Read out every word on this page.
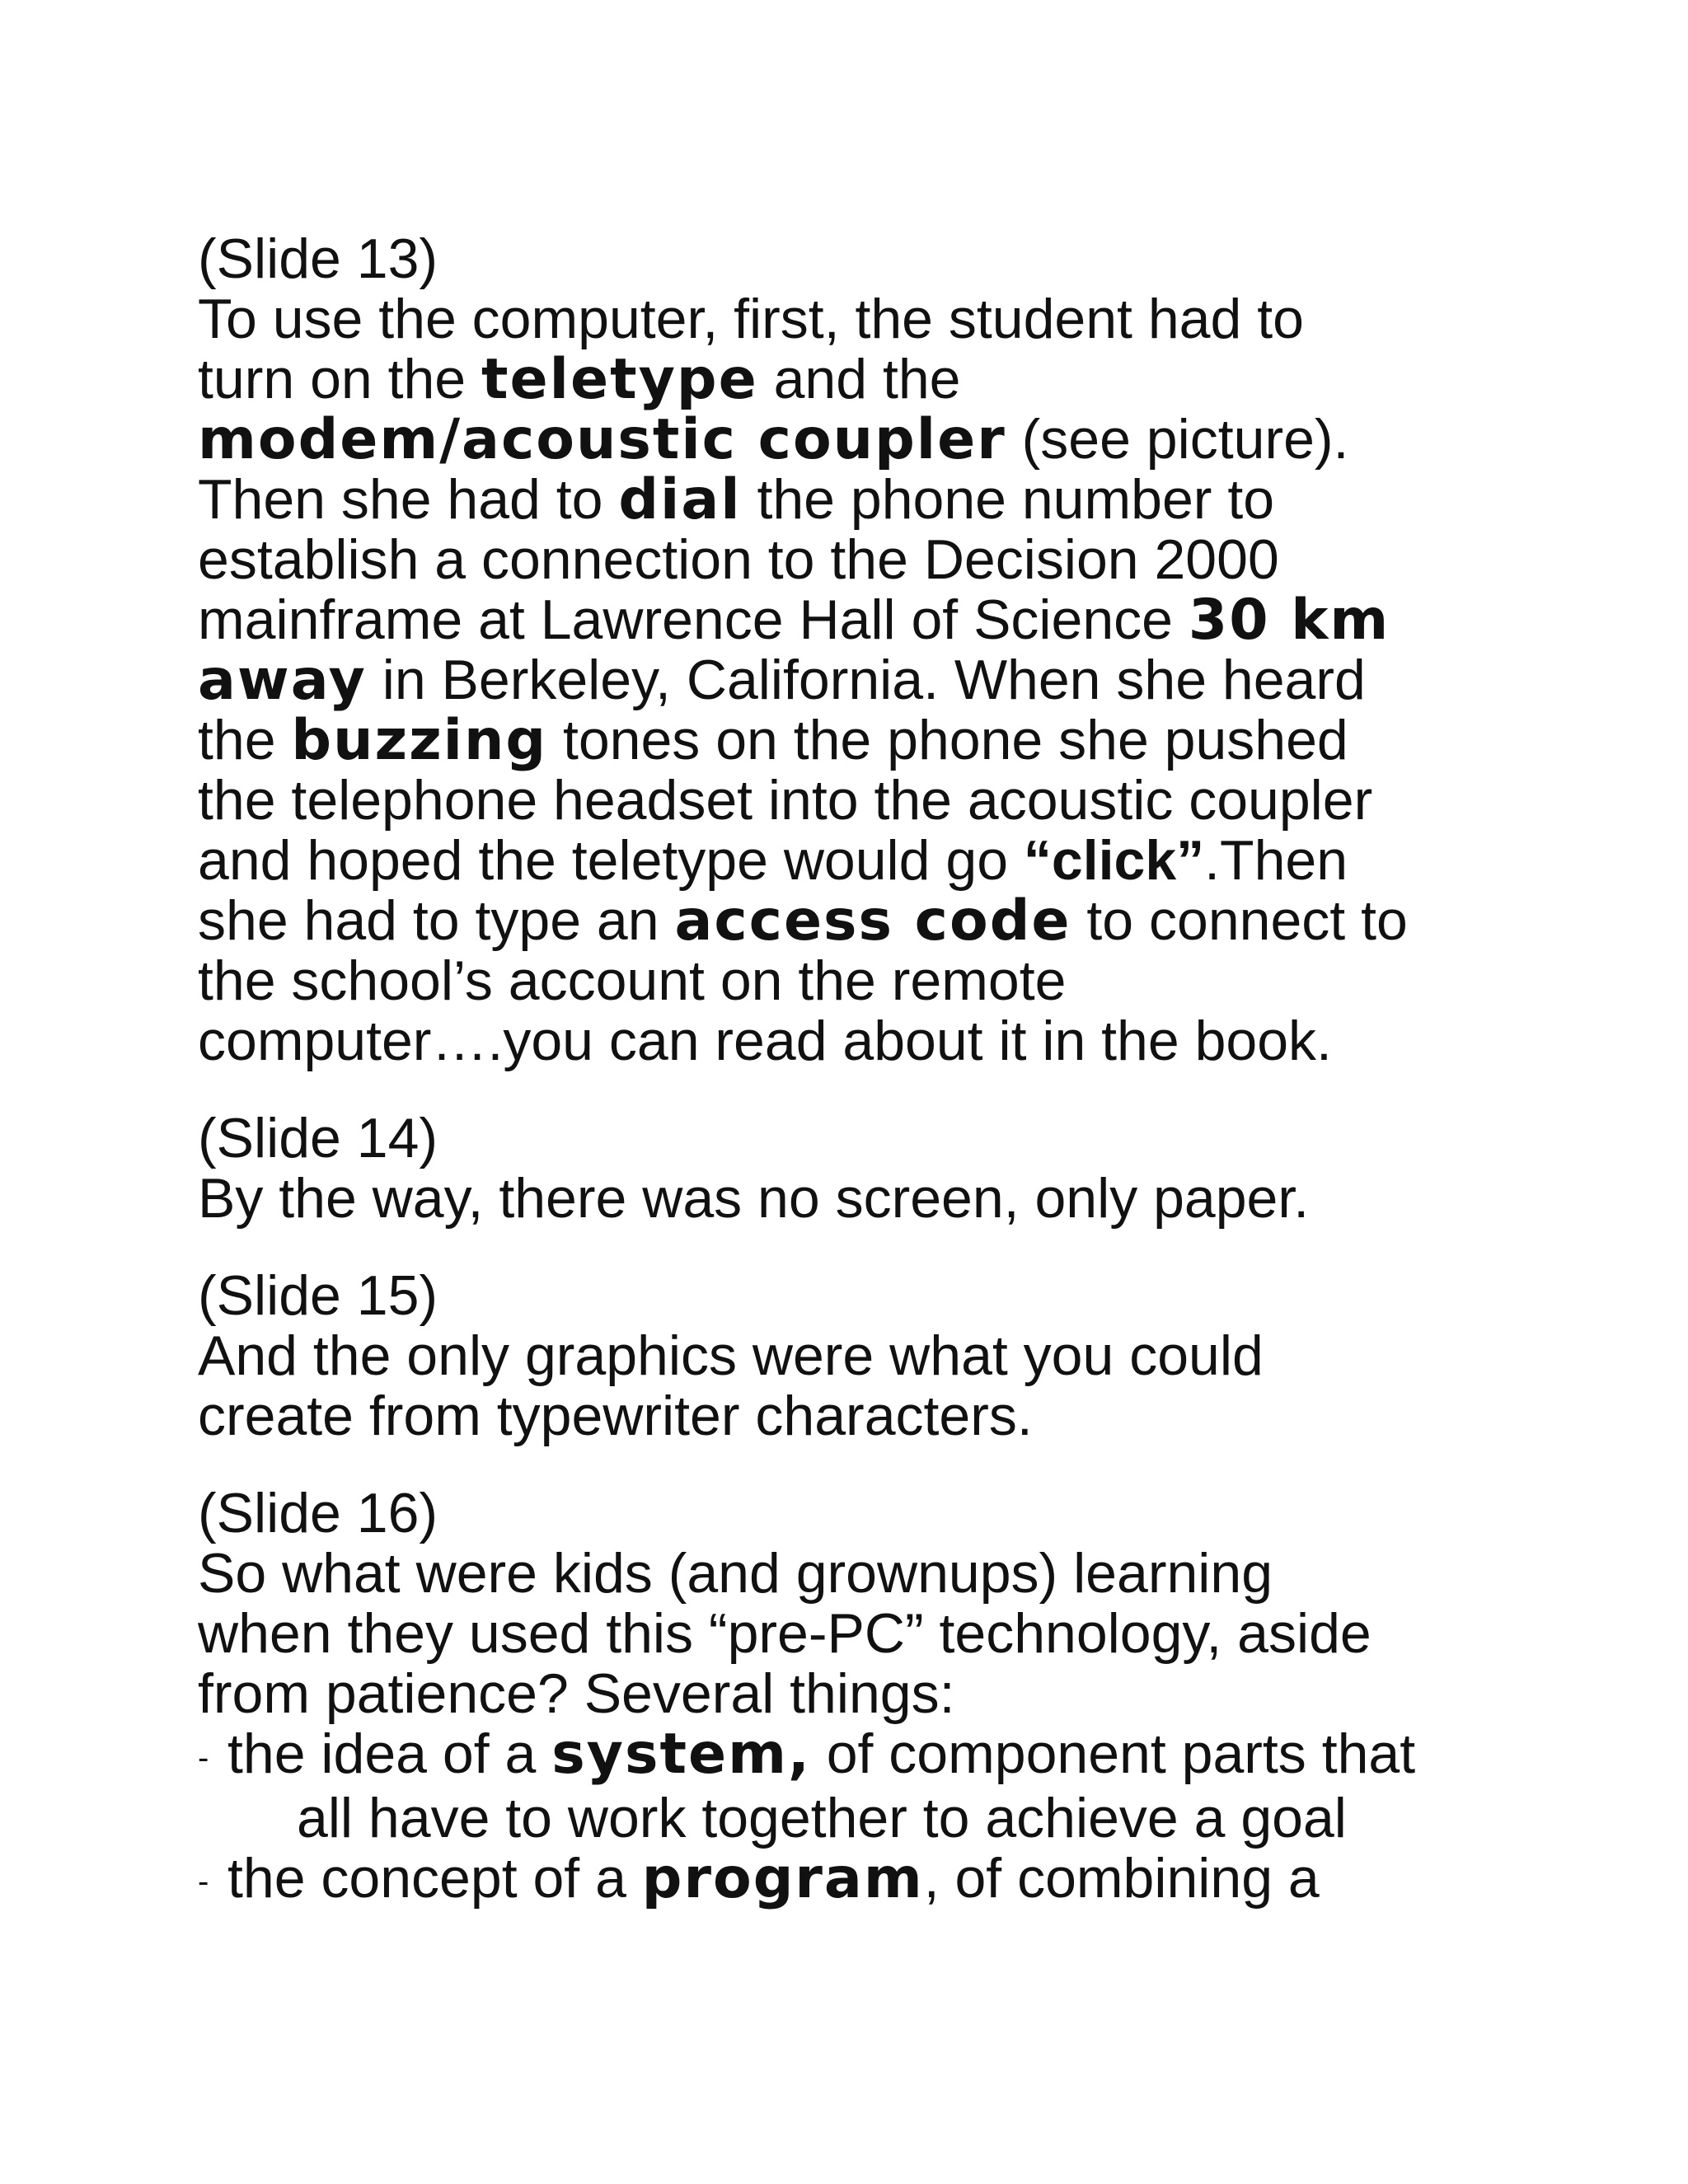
(Slide 13)
To use the computer, first, the student had to
turn on the teletype and the
modem/acoustic coupler (see picture).
Then she had to dial the phone number to
establish a connection to the Decision 2000
mainframe at Lawrence Hall of Science 30 km
away in Berkeley, California. When she heard
the buzzing tones on the phone she pushed
the telephone headset into the acoustic coupler
and hoped the teletype would go “click”.Then
she had to type an access code to connect to
the school’s account on the remote
computer….you can read about it in the book.
(Slide 14)
By the way, there was no screen, only paper.
(Slide 15)
And the only graphics were what you could
create from typewriter characters.
(Slide 16)
So what were kids (and grownups) learning
when they used this “pre-PC” technology, aside
from patience? Several things:
- the idea of a system, of component parts that
all have to work together to achieve a goal
- the concept of a program, of combining a
